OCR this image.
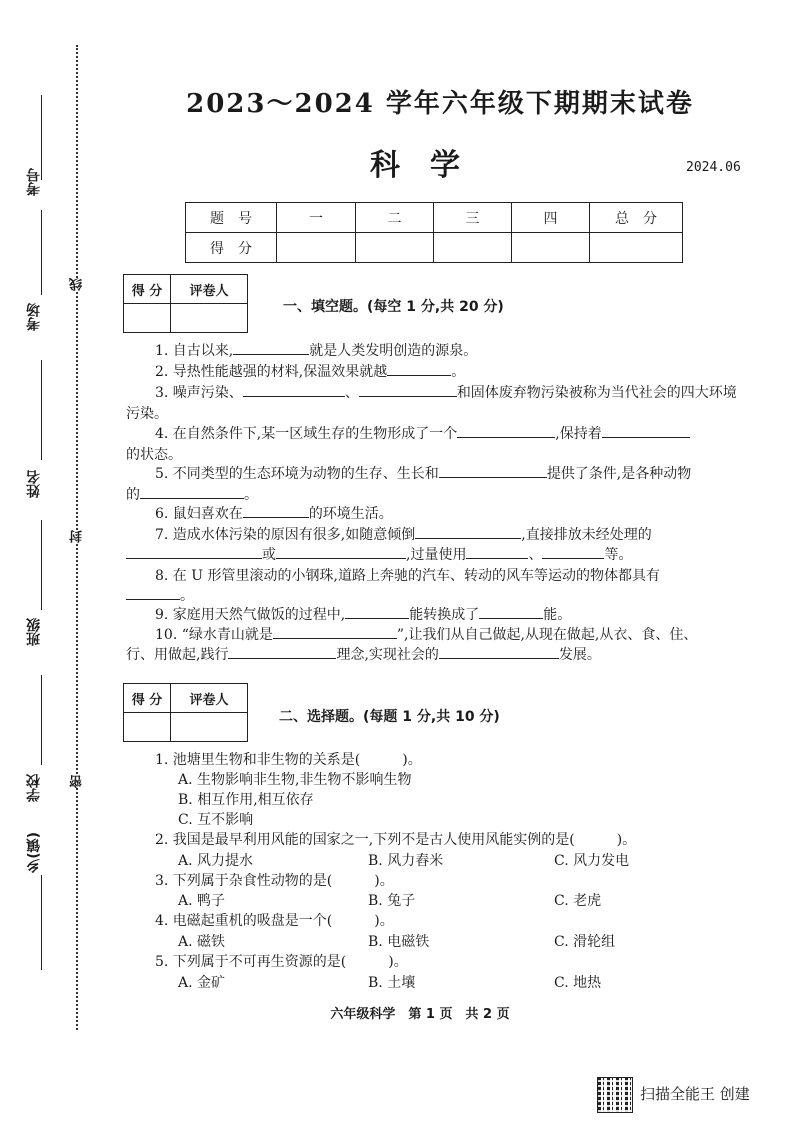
考号
考场
姓名
班级
学校
乡(镇)
线
封
密
2023～2024 学年六年级下期期末试卷
科学	2024.06
题　号	一	二	三	四	总　分
得　分					
得 分	评卷人

一、填空题。(每空 1 分,共 20 分)
1. 自古以来,	就是人类发明创造的源泉。
2. 导热性能越强的材料,保温效果就越	。
3. 噪声污染、	、	和固体废弃物污染被称为当代社会的四大环境
污染。
4. 在自然条件下,某一区域生存的生物形成了一个	,保持着
的状态。
5. 不同类型的生态环境为动物的生存、生长和	提供了条件,是各种动物
的	。
6. 鼠妇喜欢在	的环境生活。
7. 造成水体污染的原因有很多,如随意倾倒	,直接排放未经处理的
或	,过量使用	、	等。
8. 在 U 形管里滚动的小钢珠,道路上奔驰的汽车、转动的风车等运动的物体都具有
。
9. 家庭用天然气做饭的过程中,	能转换成了	能。
10. “绿水青山就是	”,让我们从自己做起,从现在做起,从衣、食、住、
行、用做起,践行	理念,实现社会的	发展。
得 分	评卷人

二、选择题。(每题 1 分,共 10 分)
1. 池塘里生物和非生物的关系是(　　　)。
A. 生物影响非生物,非生物不影响生物
B. 相互作用,相互依存
C. 互不影响
2. 我国是最早利用风能的国家之一,下列不是古人使用风能实例的是(　　　)。
A. 风力提水	B. 风力舂米	C. 风力发电
3. 下列属于杂食性动物的是(　　　)。
A. 鸭子	B. 兔子	C. 老虎
4. 电磁起重机的吸盘是一个(　　　)。
A. 磁铁	B. 电磁铁	C. 滑轮组
5. 下列属于不可再生资源的是(　　　)。
A. 金矿	B. 土壤	C. 地热
六年级科学　第 1 页　共 2 页
扫描全能王 创建
